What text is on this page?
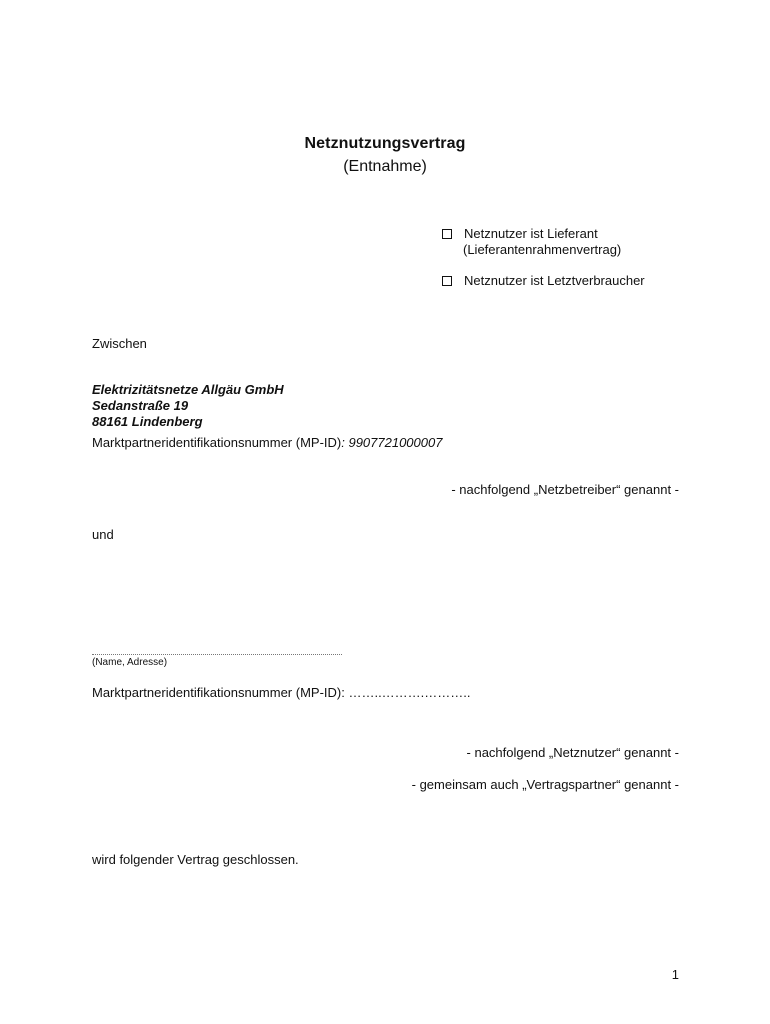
Netznutzungsvertrag
(Entnahme)
Netznutzer ist Lieferant
(Lieferantenrahmenvertrag)
Netznutzer ist Letztverbraucher
Zwischen
Elektrizitätsnetze Allgäu GmbH
Sedanstraße 19
88161 Lindenberg
Marktpartneridentifikationsnummer (MP-ID): 9907721000007
- nachfolgend „Netzbetreiber“ genannt -
und
(Name, Adresse)
Marktpartneridentifikationsnummer (MP-ID): ……..……….………..
- nachfolgend „Netznutzer“ genannt -
- gemeinsam auch „Vertragspartner“ genannt -
wird folgender Vertrag geschlossen.
1
